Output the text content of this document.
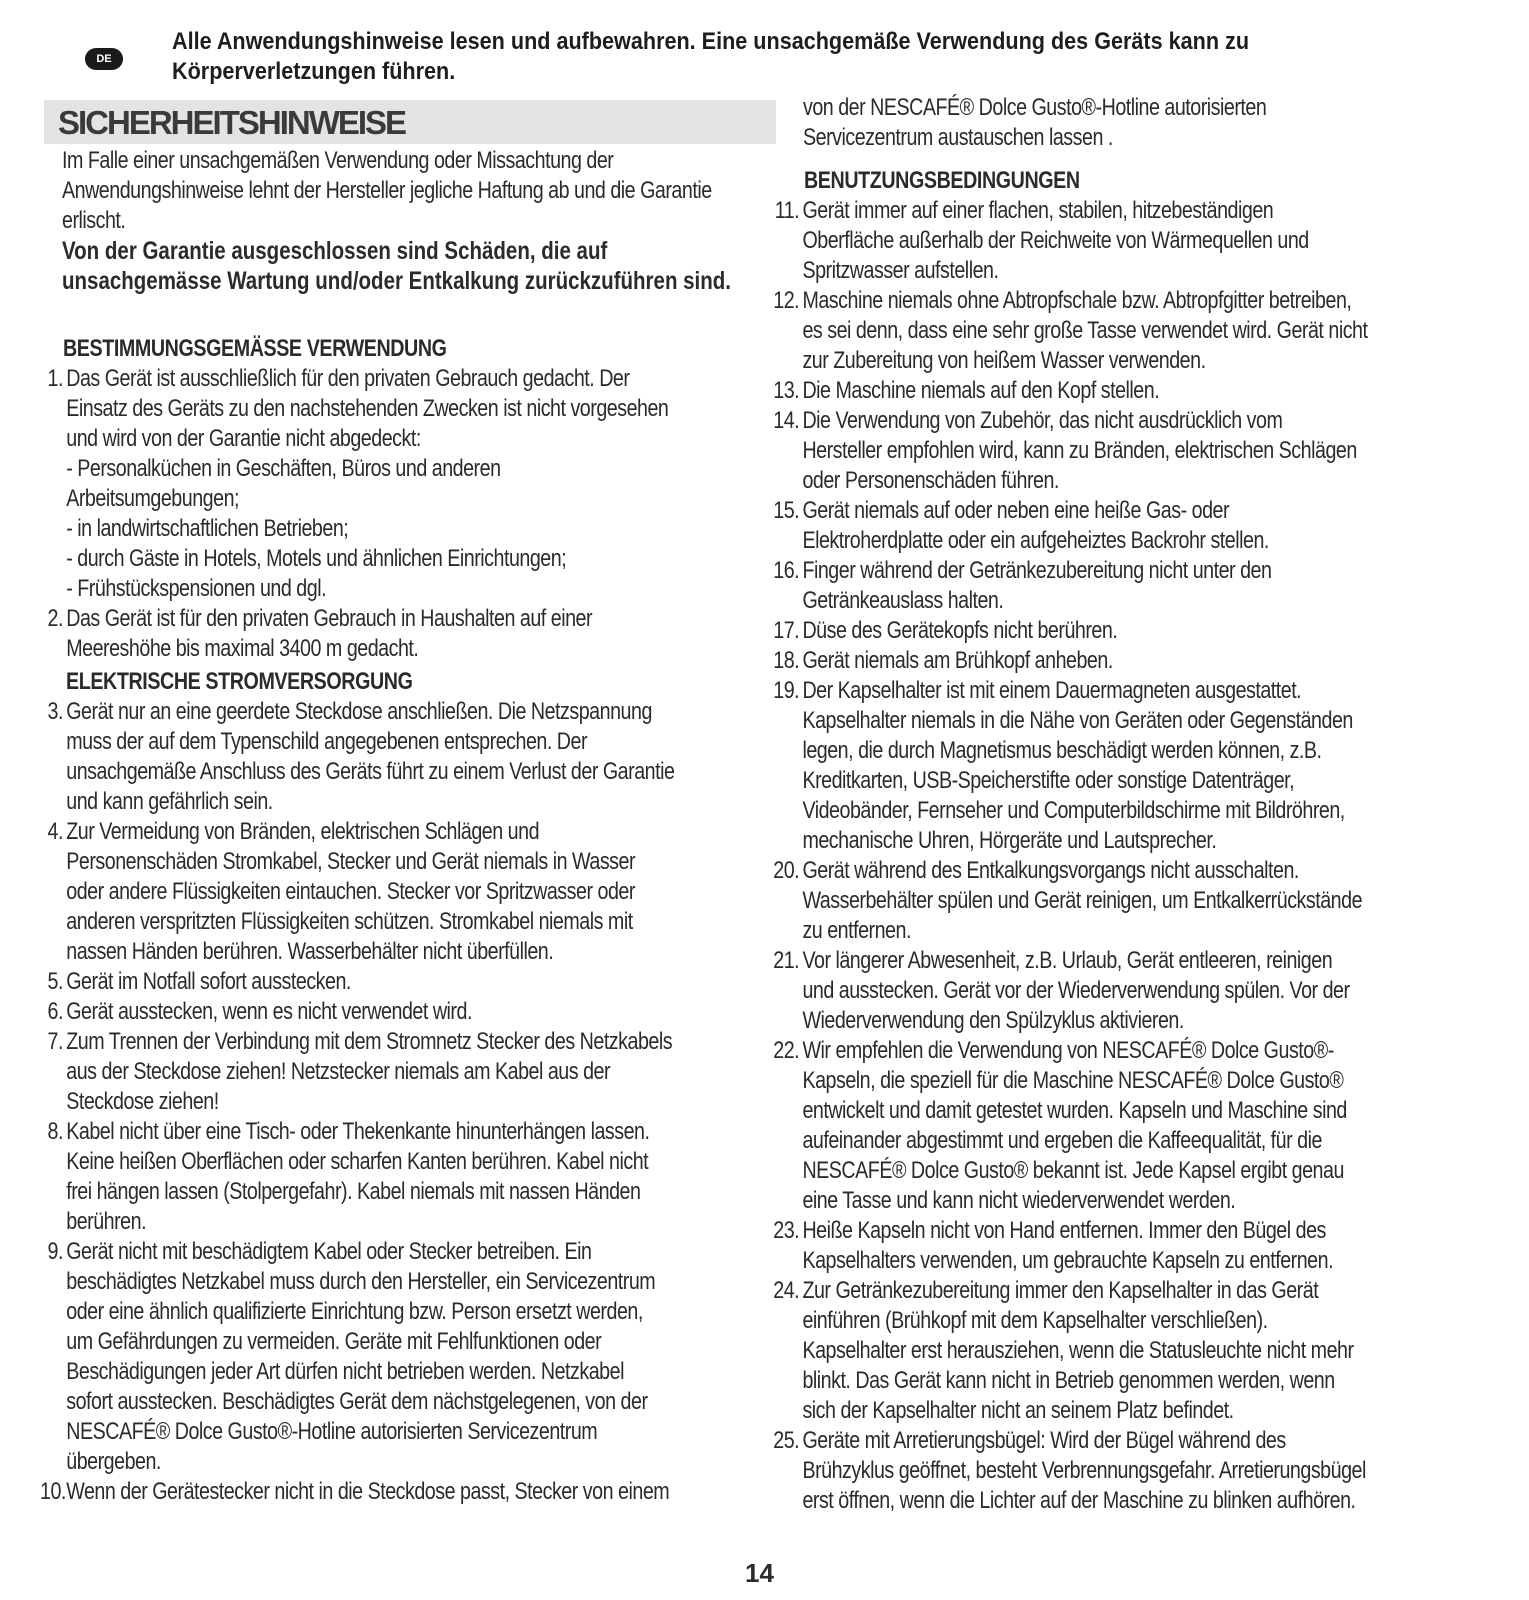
DE
Alle Anwendungshinweise lesen und aufbewahren. Eine unsachgemäße Verwendung des Geräts kann zu Körperverletzungen führen.
SICHERHEITSHINWEISE
Im Falle einer unsachgemäßen Verwendung oder Missachtung der Anwendungshinweise lehnt der Hersteller jegliche Haftung ab und die Garantie erlischt.
Von der Garantie ausgeschlossen sind Schäden, die auf unsachgemässe Wartung und/oder Entkalkung zurückzuführen sind.
BESTIMMUNGSGEMÄSSE VERWENDUNG
1. Das Gerät ist ausschließlich für den privaten Gebrauch gedacht. Der
Einsatz des Geräts zu den nachstehenden Zwecken ist nicht vorgesehen
und wird von der Garantie nicht abgedeckt:
- Personalküchen in Geschäften, Büros und anderen
Arbeitsumgebungen;
- in landwirtschaftlichen Betrieben;
- durch Gäste in Hotels, Motels und ähnlichen Einrichtungen;
- Frühstückspensionen und dgl.
2. Das Gerät ist für den privaten Gebrauch in Haushalten auf einer
Meereshöhe bis maximal 3400 m gedacht.
ELEKTRISCHE STROMVERSORGUNG
3. Gerät nur an eine geerdete Steckdose anschließen. Die Netzspannung
muss der auf dem Typenschild angegebenen entsprechen. Der
unsachgemäße Anschluss des Geräts führt zu einem Verlust der Garantie
und kann gefährlich sein.
4. Zur Vermeidung von Bränden, elektrischen Schlägen und
Personenschäden Stromkabel, Stecker und Gerät niemals in Wasser
oder andere Flüssigkeiten eintauchen. Stecker vor Spritzwasser oder
anderen verspritzten Flüssigkeiten schützen. Stromkabel niemals mit
nassen Händen berühren. Wasserbehälter nicht überfüllen.
5. Gerät im Notfall sofort ausstecken.
6. Gerät ausstecken, wenn es nicht verwendet wird.
7. Zum Trennen der Verbindung mit dem Stromnetz Stecker des Netzkabels
aus der Steckdose ziehen! Netzstecker niemals am Kabel aus der
Steckdose ziehen!
8. Kabel nicht über eine Tisch- oder Thekenkante hinunterhängen lassen.
Keine heißen Oberflächen oder scharfen Kanten berühren. Kabel nicht
frei hängen lassen (Stolpergefahr). Kabel niemals mit nassen Händen
berühren.
9. Gerät nicht mit beschädigtem Kabel oder Stecker betreiben. Ein
beschädigtes Netzkabel muss durch den Hersteller, ein Servicezentrum
oder eine ähnlich qualifizierte Einrichtung bzw. Person ersetzt werden,
um Gefährdungen zu vermeiden. Geräte mit Fehlfunktionen oder
Beschädigungen jeder Art dürfen nicht betrieben werden. Netzkabel
sofort ausstecken. Beschädigtes Gerät dem nächstgelegenen, von der
NESCAFÉ® Dolce Gusto®-Hotline autorisierten Servicezentrum
übergeben.
10. Wenn der Gerätestecker nicht in die Steckdose passt, Stecker von einem
von der NESCAFÉ® Dolce Gusto®-Hotline autorisierten
Servicezentrum austauschen lassen .
BENUTZUNGSBEDINGUNGEN
11. Gerät immer auf einer flachen, stabilen, hitzebeständigen
Oberfläche außerhalb der Reichweite von Wärmequellen und
Spritzwasser aufstellen.
12. Maschine niemals ohne Abtropfschale bzw. Abtropfgitter betreiben,
es sei denn, dass eine sehr große Tasse verwendet wird. Gerät nicht
zur Zubereitung von heißem Wasser verwenden.
13. Die Maschine niemals auf den Kopf stellen.
14. Die Verwendung von Zubehör, das nicht ausdrücklich vom
Hersteller empfohlen wird, kann zu Bränden, elektrischen Schlägen
oder Personenschäden führen.
15. Gerät niemals auf oder neben eine heiße Gas- oder
Elektroherdplatte oder ein aufgeheiztes Backrohr stellen.
16. Finger während der Getränkezubereitung nicht unter den
Getränkeauslass halten.
17. Düse des Gerätekopfs nicht berühren.
18. Gerät niemals am Brühkopf anheben.
19. Der Kapselhalter ist mit einem Dauermagneten ausgestattet.
Kapselhalter niemals in die Nähe von Geräten oder Gegenständen
legen, die durch Magnetismus beschädigt werden können, z.B.
Kreditkarten, USB-Speicherstifte oder sonstige Datenträger,
Videobänder, Fernseher und Computerbildschirme mit Bildröhren,
mechanische Uhren, Hörgeräte und Lautsprecher.
20. Gerät während des Entkalkungsvorgangs nicht ausschalten.
Wasserbehälter spülen und Gerät reinigen, um Entkalkerrückstände
zu entfernen.
21. Vor längerer Abwesenheit, z.B. Urlaub, Gerät entleeren, reinigen
und ausstecken. Gerät vor der Wiederverwendung spülen. Vor der
Wiederverwendung den Spülzyklus aktivieren.
22. Wir empfehlen die Verwendung von NESCAFÉ® Dolce Gusto®-
Kapseln, die speziell für die Maschine NESCAFÉ® Dolce Gusto®
entwickelt und damit getestet wurden. Kapseln und Maschine sind
aufeinander abgestimmt und ergeben die Kaffeequalität, für die
NESCAFÉ® Dolce Gusto® bekannt ist. Jede Kapsel ergibt genau
eine Tasse und kann nicht wiederverwendet werden.
23. Heiße Kapseln nicht von Hand entfernen. Immer den Bügel des
Kapselhalters verwenden, um gebrauchte Kapseln zu entfernen.
24. Zur Getränkezubereitung immer den Kapselhalter in das Gerät
einführen (Brühkopf mit dem Kapselhalter verschließen).
Kapselhalter erst herausziehen, wenn die Statusleuchte nicht mehr
blinkt. Das Gerät kann nicht in Betrieb genommen werden, wenn
sich der Kapselhalter nicht an seinem Platz befindet.
25. Geräte mit Arretierungsbügel: Wird der Bügel während des
Brühzyklus geöffnet, besteht Verbrennungsgefahr. Arretierungsbügel
erst öffnen, wenn die Lichter auf der Maschine zu blinken aufhören.
14
